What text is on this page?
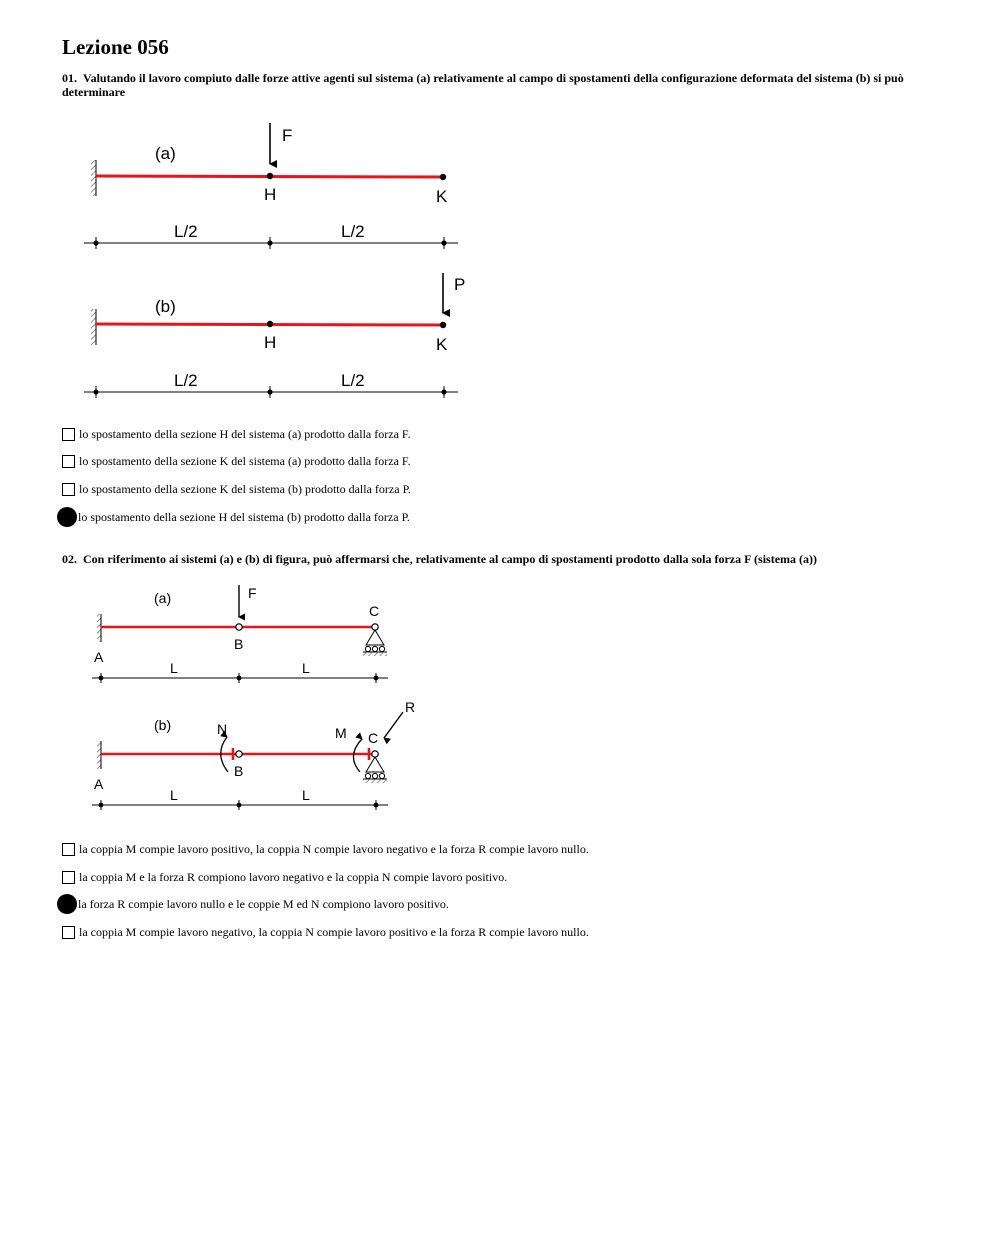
Lezione 056
01. Valutando il lavoro compiuto dalle forze attive agenti sul sistema (a) relativamente al campo di spostamenti della configurazione deformata del sistema (b) si può determinare
F
(a)
H	K
L/2	L/2
P
(b)
H	K
L/2	L/2
lo spostamento della sezione H del sistema (a) prodotto dalla forza F.
lo spostamento della sezione K del sistema (a) prodotto dalla forza F.
lo spostamento della sezione K del sistema (b) prodotto dalla forza P.
lo spostamento della sezione H del sistema (b) prodotto dalla forza P.
02. Con riferimento ai sistemi (a) e (b) di figura, può affermarsi che, relativamente al campo di spostamenti prodotto dalla sola forza F (sistema (a))
F
(a)
C
B
A
L	L
R
(b)	N	M C
B
A
L	L
la coppia M compie lavoro positivo, la coppia N compie lavoro negativo e la forza R compie lavoro nullo.
la coppia M e la forza R compiono lavoro negativo e la coppia N compie lavoro positivo.
la forza R compie lavoro nullo e le coppie M ed N compiono lavoro positivo.
la coppia M compie lavoro negativo, la coppia N compie lavoro positivo e la forza R compie lavoro nullo.
